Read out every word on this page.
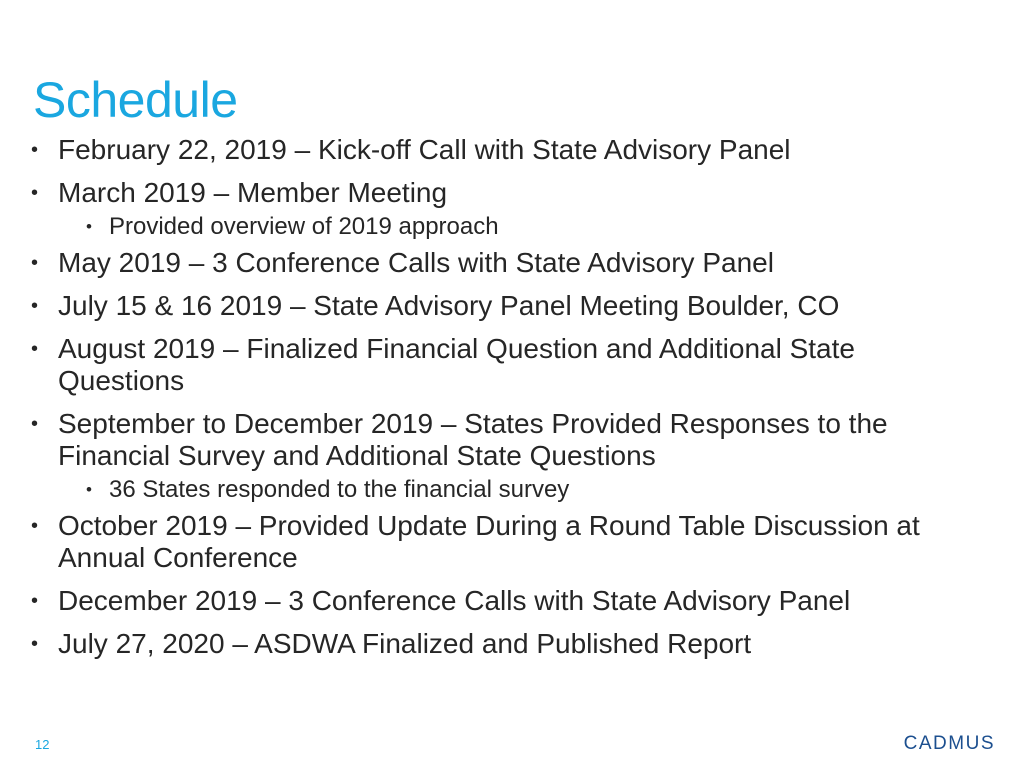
Schedule
• February 22, 2019 – Kick-off Call with State Advisory Panel
• March 2019 – Member Meeting
• Provided overview of 2019 approach
• May 2019 – 3 Conference Calls with State Advisory Panel
• July 15 & 16 2019 – State Advisory Panel Meeting Boulder, CO
• August 2019 – Finalized Financial Question and Additional State Questions
• September to December 2019 – States Provided Responses to the Financial Survey and Additional State Questions
• 36 States responded to the financial survey
• October 2019 – Provided Update During a Round Table Discussion at Annual Conference
• December 2019 – 3 Conference Calls with State Advisory Panel
• July 27, 2020 – ASDWA Finalized and Published Report
12	CADMUS
